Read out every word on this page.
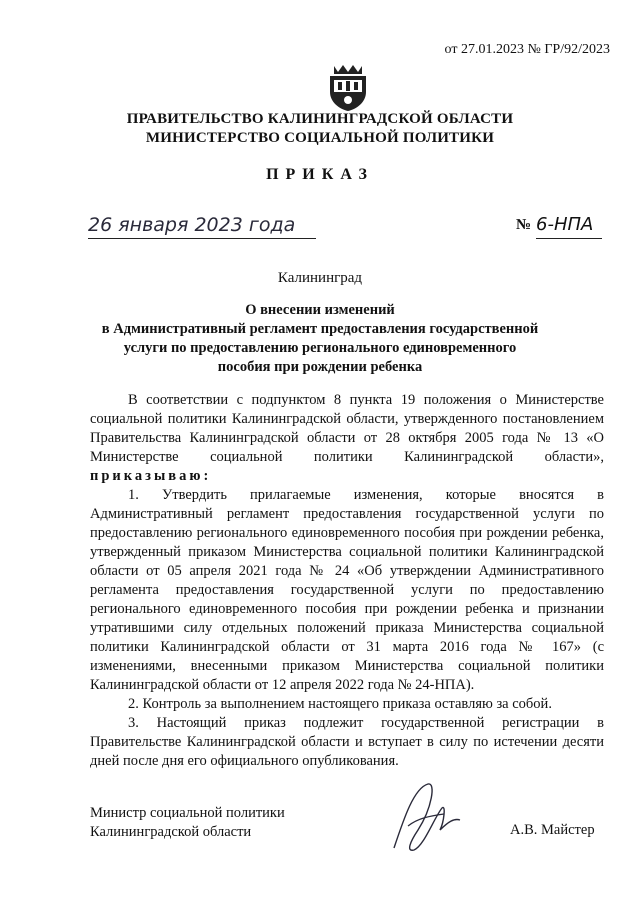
от 27.01.2023 № ГР/92/2023
ПРАВИТЕЛЬСТВО КАЛИНИНГРАДСКОЙ ОБЛАСТИ
МИНИСТЕРСТВО СОЦИАЛЬНОЙ ПОЛИТИКИ
ПРИКАЗ
26 января 2023 года	№ 6-НПА
Калининград
О внесении изменений
в Административный регламент предоставления государственной
услуги по предоставлению регионального единовременного
пособия при рождении ребенка

В соответствии с подпунктом 8 пункта 19 положения о Министерстве социальной политики Калининградской области, утвержденного постановлением Правительства Калининградской области от 28 октября 2005 года № 13 «О Министерстве социальной политики Калининградской области», приказываю:

1. Утвердить прилагаемые изменения, которые вносятся в Административный регламент предоставления государственной услуги по предоставлению регионального единовременного пособия при рождении ребенка, утвержденный приказом Министерства социальной политики Калининградской области от 05 апреля 2021 года № 24 «Об утверждении Административного регламента предоставления государственной услуги по предоставлению регионального единовременного пособия при рождении ребенка и признании утратившими силу отдельных положений приказа Министерства социальной политики Калининградской области от 31 марта 2016 года № 167» (с изменениями, внесенными приказом Министерства социальной политики Калининградской области от 12 апреля 2022 года № 24-НПА).

2. Контроль за выполнением настоящего приказа оставляю за собой.

3. Настоящий приказ подлежит государственной регистрации в Правительстве Калининградской области и вступает в силу по истечении десяти дней после дня его официального опубликования.

Министр социальной политики
Калининградской области	А.В. Майстер
